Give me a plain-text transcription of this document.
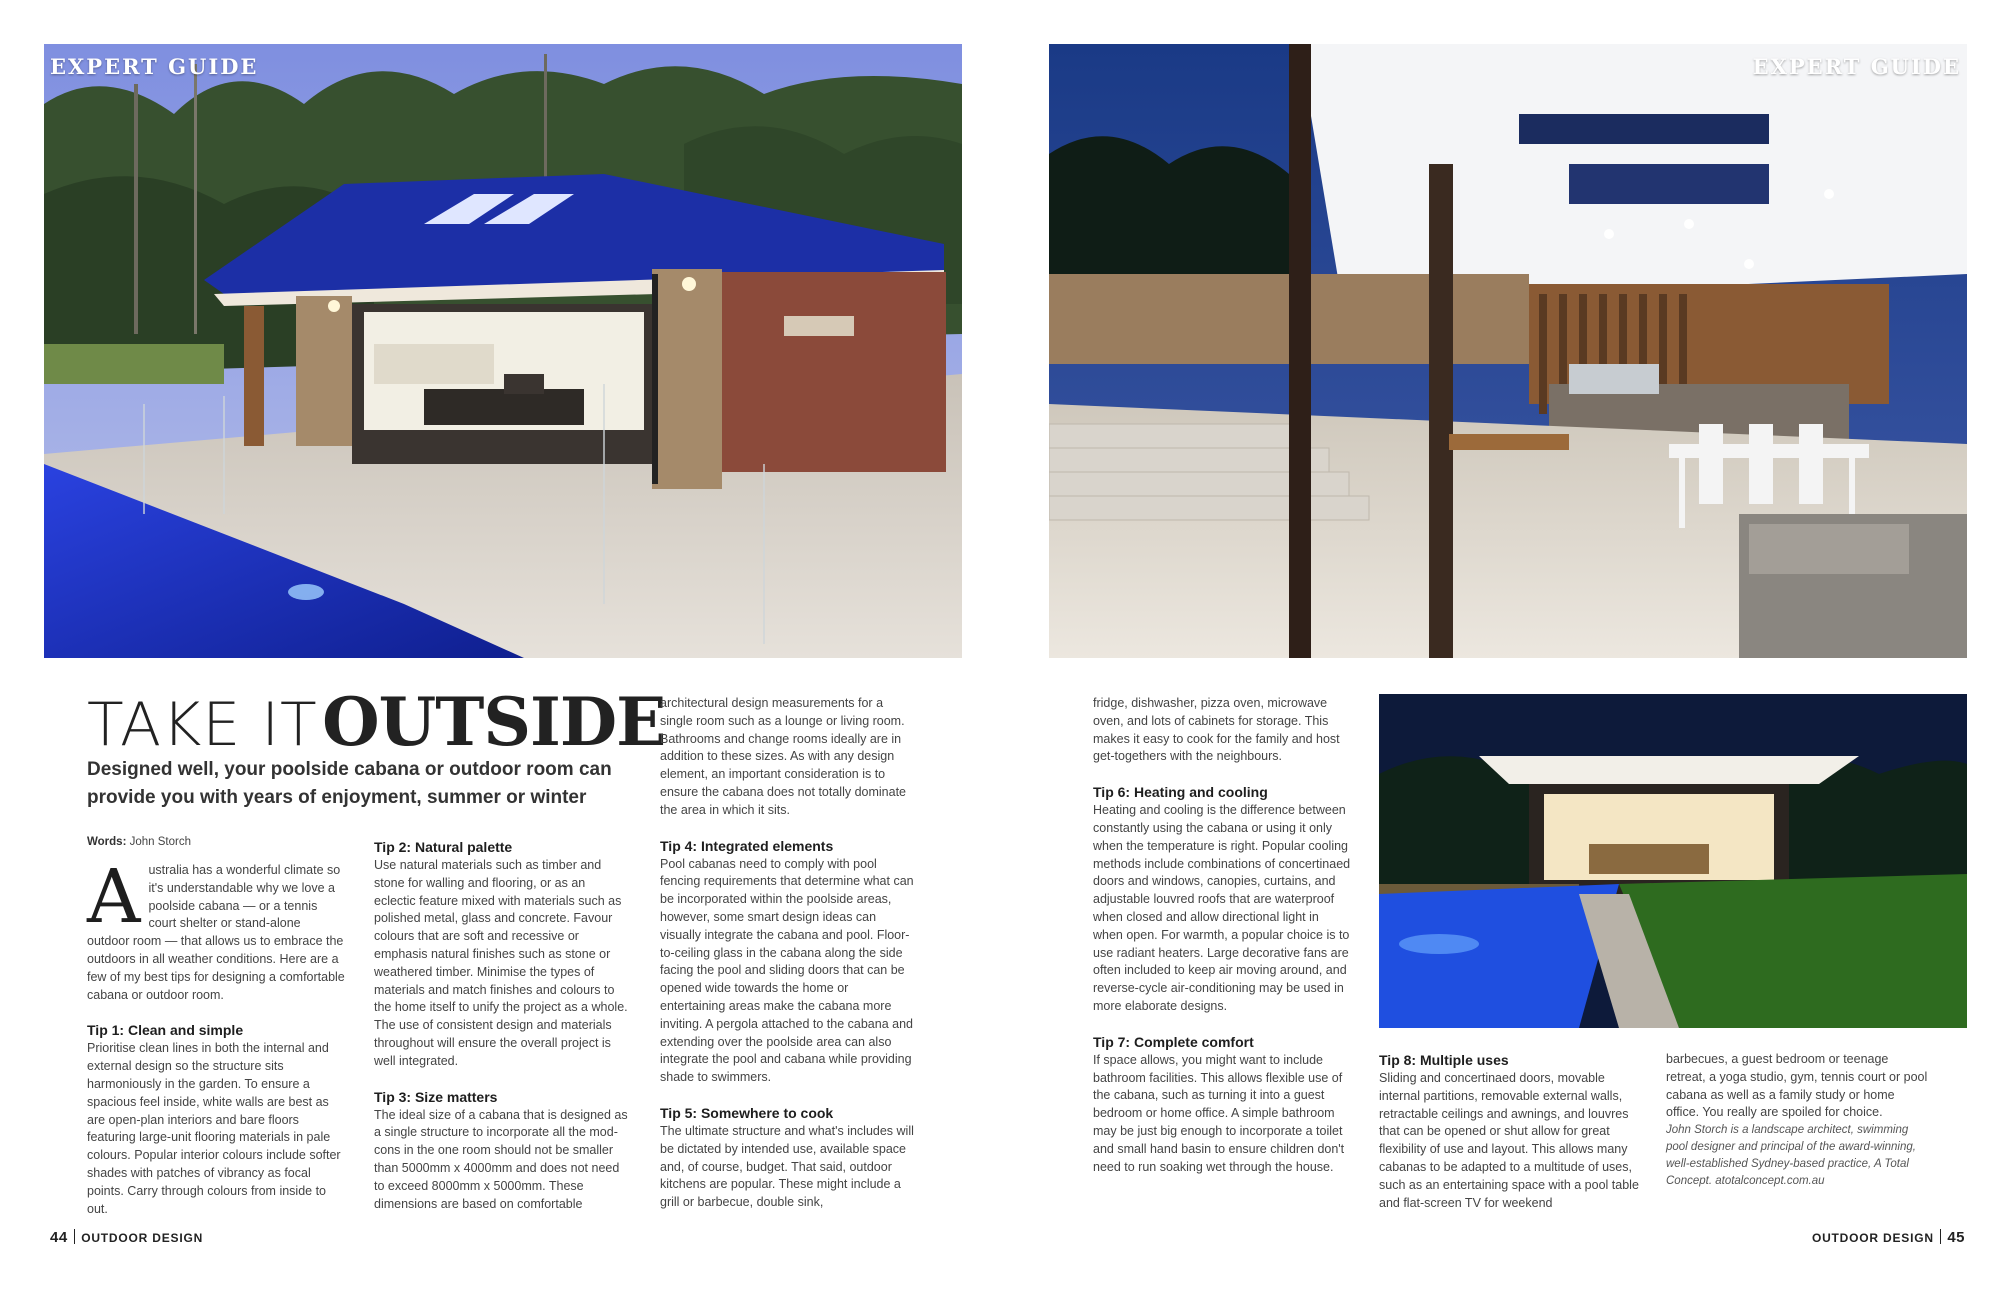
EXPERT GUIDE
TAKE IT OUTSIDE
Designed well, your poolside cabana or outdoor room can provide you with years of enjoyment, summer or winter
Words: John Storch

A ustralia has a wonderful climate so it's understandable why we love a poolside cabana — or a tennis court shelter or stand-alone outdoor room — that allows us to embrace the outdoors in all weather conditions. Here are a few of my best tips for designing a comfortable cabana or outdoor room.

Tip 1: Clean and simple

Prioritise clean lines in both the internal and external design so the structure sits harmoniously in the garden. To ensure a spacious feel inside, white walls are best as are open-plan interiors and bare floors featuring large-unit flooring materials in pale colours. Popular interior colours include softer shades with patches of vibrancy as focal points. Carry through colours from inside to out.

Tip 2: Natural palette

Use natural materials such as timber and stone for walling and flooring, or as an eclectic feature mixed with materials such as polished metal, glass and concrete. Favour colours that are soft and recessive or emphasis natural finishes such as stone or weathered timber. Minimise the types of materials and match finishes and colours to the home itself to unify the project as a whole. The use of consistent design and materials throughout will ensure the overall project is well integrated.

Tip 3: Size matters

The ideal size of a cabana that is designed as a single structure to incorporate all the mod-cons in the one room should not be smaller than 5000mm x 4000mm and does not need to exceed 8000mm x 5000mm. These dimensions are based on comfortable

architectural design measurements for a single room such as a lounge or living room. Bathrooms and change rooms ideally are in addition to these sizes. As with any design element, an important consideration is to ensure the cabana does not totally dominate the area in which it sits.

Tip 4: Integrated elements

Pool cabanas need to comply with pool fencing requirements that determine what can be incorporated within the poolside areas, however, some smart design ideas can visually integrate the cabana and pool. Floor-to-ceiling glass in the cabana along the side facing the pool and sliding doors that can be opened wide towards the home or entertaining areas make the cabana more inviting. A pergola attached to the cabana and extending over the poolside area can also integrate the pool and cabana while providing shade to swimmers.

Tip 5: Somewhere to cook

The ultimate structure and what's includes will be dictated by intended use, available space and, of course, budget. That said, outdoor kitchens are popular. These might include a grill or barbecue, double sink,

44 OUTDOOR DESIGN
EXPERT GUIDE

fridge, dishwasher, pizza oven, microwave oven, and lots of cabinets for storage. This makes it easy to cook for the family and host get-togethers with the neighbours.

Tip 6: Heating and cooling

Heating and cooling is the difference between constantly using the cabana or using it only when the temperature is right. Popular cooling methods include combinations of concertinaed doors and windows, canopies, curtains, and adjustable louvred roofs that are waterproof when closed and allow directional light in when open. For warmth, a popular choice is to use radiant heaters. Large decorative fans are often included to keep air moving around, and reverse-cycle air-conditioning may be used in more elaborate designs.

Tip 7: Complete comfort

If space allows, you might want to include bathroom facilities. This allows flexible use of the cabana, such as turning it into a guest bedroom or home office. A simple bathroom may be just big enough to incorporate a toilet and small hand basin to ensure children don't need to run soaking wet through the house.

Tip 8: Multiple uses

Sliding and concertinaed doors, movable internal partitions, removable external walls, retractable ceilings and awnings, and louvres that can be opened or shut allow for great flexibility of use and layout. This allows many cabanas to be adapted to a multitude of uses, such as an entertaining space with a pool table and flat-screen TV for weekend

barbecues, a guest bedroom or teenage retreat, a yoga studio, gym, tennis court or pool cabana as well as a family study or home office. You really are spoiled for choice.

John Storch is a landscape architect, swimming pool designer and principal of the award-winning, well-established Sydney-based practice, A Total Concept. atotalconcept.com.au

OUTDOOR DESIGN 45
